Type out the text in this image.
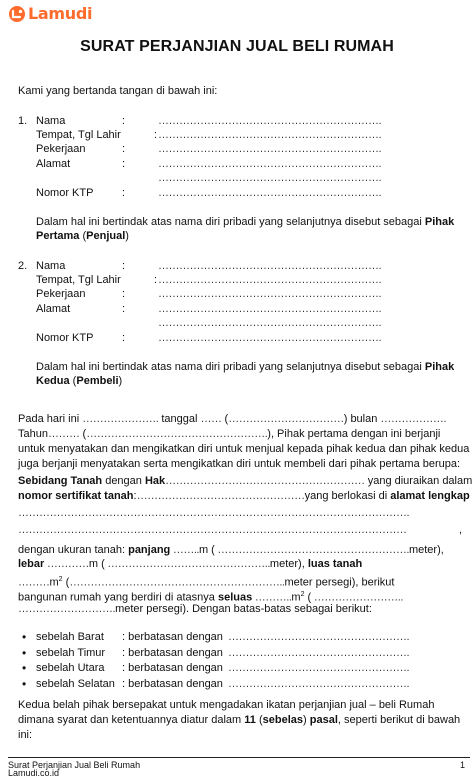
Lamudi
SURAT PERJANJIAN JUAL BELI RUMAH
Kami yang bertanda tangan di bawah ini:
1. Nama
Tempat, Tgl Lahir
Pekerjaan
Alamat
Nomor KTP
:
:
:
:
:
……………………………………………………….
……………………………………………………….
……………………………………………………….
……………………………………………………….
……………………………………………………….
……………………………………………………….
Dalam hal ini bertindak atas nama diri pribadi yang selanjutnya disebut sebagai Pihak
Pertama (Penjual)
2. Nama
Tempat, Tgl Lahir
Pekerjaan
Alamat
Nomor KTP
:
:
:
:
:
……………………………………………………….
……………………………………………………….
……………………………………………………….
……………………………………………………….
……………………………………………………….
……………………………………………………….
Dalam hal ini bertindak atas nama diri pribadi yang selanjutnya disebut sebagai Pihak
Kedua (Pembeli)
Pada hari ini …………………. tanggal …… (……………………………) bulan ……………….
Tahun……… (…………………………………………….), Pihak pertama dengan ini berjanji
untuk menyatakan dan mengikatkan diri untuk menjual kepada pihak kedua dan pihak kedua
juga berjanji menyatakan serta mengikatkan diri untuk membeli dari pihak pertama berupa:
Sebidang Tanah dengan Hak………………………………………………… yang diuraikan dalam
nomor sertifikat tanah:…………………………………………yang berlokasi di alamat lengkap
………………………………………………………………………………………………….
…………………………………………………………………………………………………	,
dengan ukuran tanah: panjang ……..m ( ……………………………………………….meter),
lebar …………m ( ………………………………………..meter), luas tanah
$\dots\dots\dots m^2$ (……………………………………………………..meter persegi), berikut
bangunan rumah yang berdiri di atasnya seluas $\dots\dots\dots..m^2$ ( ……………………..
……………………….meter persegi). Dengan batas-batas sebagai berikut:
• sebelah Barat : berbatasan dengan …………………………………………….
• sebelah Timur : berbatasan dengan …………………………………………….
• sebelah Utara : berbatasan dengan …………………………………………….
• sebelah Selatan : berbatasan dengan …………………………………………….
Kedua belah pihak bersepakat untuk mengadakan ikatan perjanjian jual – beli Rumah
dimana syarat dan ketentuannya diatur dalam 11 (sebelas) pasal, seperti berikut di bawah
ini:
Surat Perjanjian Jual Beli Rumah
Lamudi.co.id
1
